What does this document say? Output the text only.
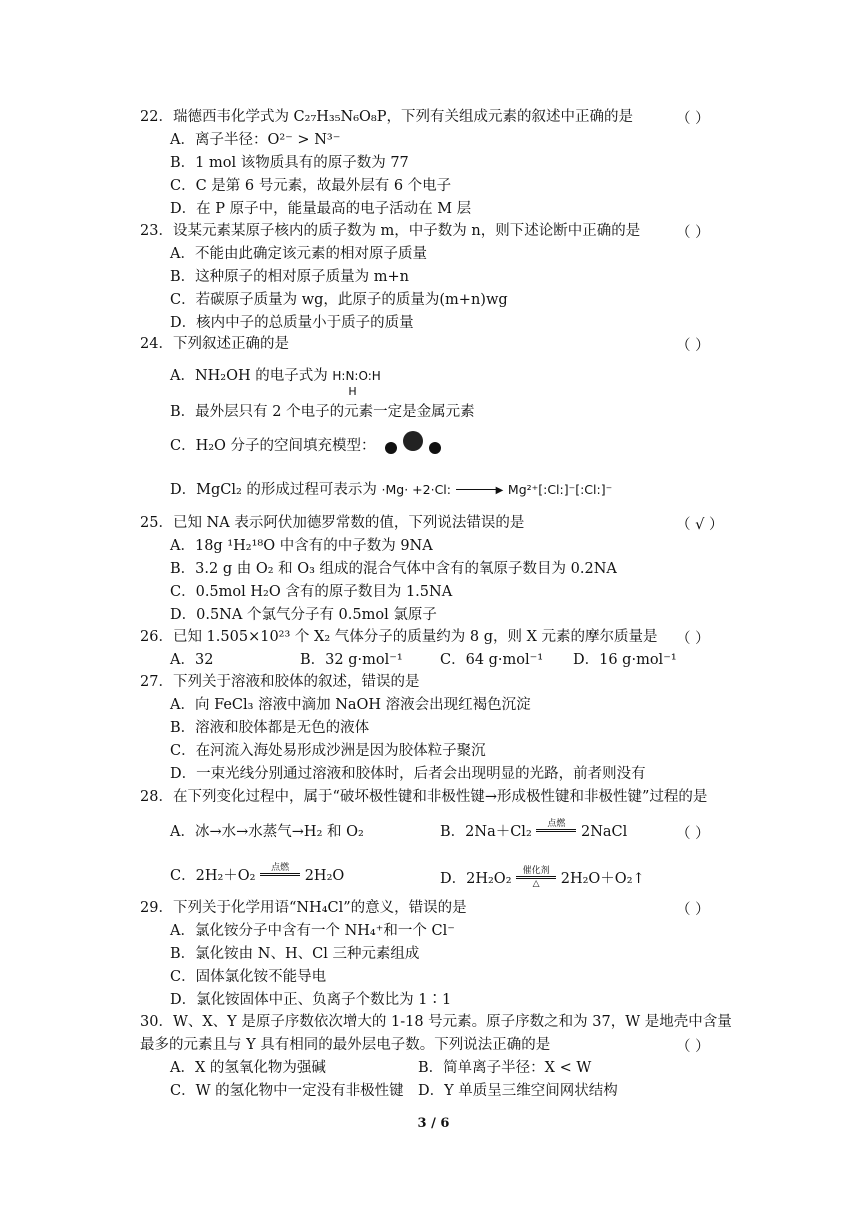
22．瑞德西韦化学式为 C₂₇H₃₅N₆O₈P，下列有关组成元素的叙述中正确的是	（ ）
A．离子半径：O²⁻ > N³⁻
B．1 mol 该物质具有的原子数为 77
C．C 是第 6 号元素，故最外层有 6 个电子
D．在 P 原子中，能量最高的电子活动在 M 层
23．设某元素某原子核内的质子数为 m，中子数为 n，则下述论断中正确的是 （ ）
A．不能由此确定该元素的相对原子质量
B．这种原子的相对原子质量为 m+n
C．若碳原子质量为 wg，此原子的质量为(m+n)wg
D．核内中子的总质量小于质子的质量
24．下列叙述正确的是	（ ）
A．NH₂OH 的电子式为 H:N:O:H
H
B．最外层只有 2 个电子的元素一定是金属元素
C．H₂O 分子的空间填充模型：
D．MgCl₂ 的形成过程可表示为 ·Mg· +2·Cl:	▶ Mg²⁺[:Cl:]⁻[:Cl:]⁻
25．已知 NA 表示阿伏加德罗常数的值，下列说法错误的是	（ √ ）
A．18g ¹H₂¹⁸O 中含有的中子数为 9NA
B．3.2 g 由 O₂ 和 O₃ 组成的混合气体中含有的氧原子数目为 0.2NA
C．0.5mol H₂O 含有的原子数目为 1.5NA
D．0.5NA 个氯气分子有 0.5mol 氯原子
26．已知 1.505×10²³ 个 X₂ 气体分子的质量约为 8 g，则 X 元素的摩尔质量是 （ ）
A．32	B．32 g·mol⁻¹	C．64 g·mol⁻¹ D．16 g·mol⁻¹
27．下列关于溶液和胶体的叙述，错误的是
A．向 FeCl₃ 溶液中滴加 NaOH 溶液会出现红褐色沉淀
B．溶液和胶体都是无色的液体
C．在河流入海处易形成沙洲是因为胶体粒子聚沉
D．一束光线分别通过溶液和胶体时，后者会出现明显的光路，前者则没有
28．在下列变化过程中，属于“破坏极性键和非极性键→形成极性键和非极性键”过程的是
A．冰→水→水蒸气→H₂ 和 O₂	B．2Na＋Cl₂	点燃	2NaCl	（ ）
C．2H₂＋O₂	点燃	2H₂O	D．2H₂O₂	催化剂
△	2H₂O＋O₂↑
29．下列关于化学用语“NH₄Cl”的意义，错误的是	（ ）
A．氯化铵分子中含有一个 NH₄⁺和一个 Cl⁻
B．氯化铵由 N、H、Cl 三种元素组成
C．固体氯化铵不能导电
D．氯化铵固体中正、负离子个数比为 1∶1
30．W、X、Y 是原子序数依次增大的 1-18 号元素。原子序数之和为 37，W 是地壳中含量
最多的元素且与 Y 具有相同的最外层电子数。下列说法正确的是	（ ）
A．X 的氢氧化物为强碱	B．简单离子半径：X < W
C．W 的氢化物中一定没有非极性键 D．Y 单质呈三维空间网状结构
3 / 6
